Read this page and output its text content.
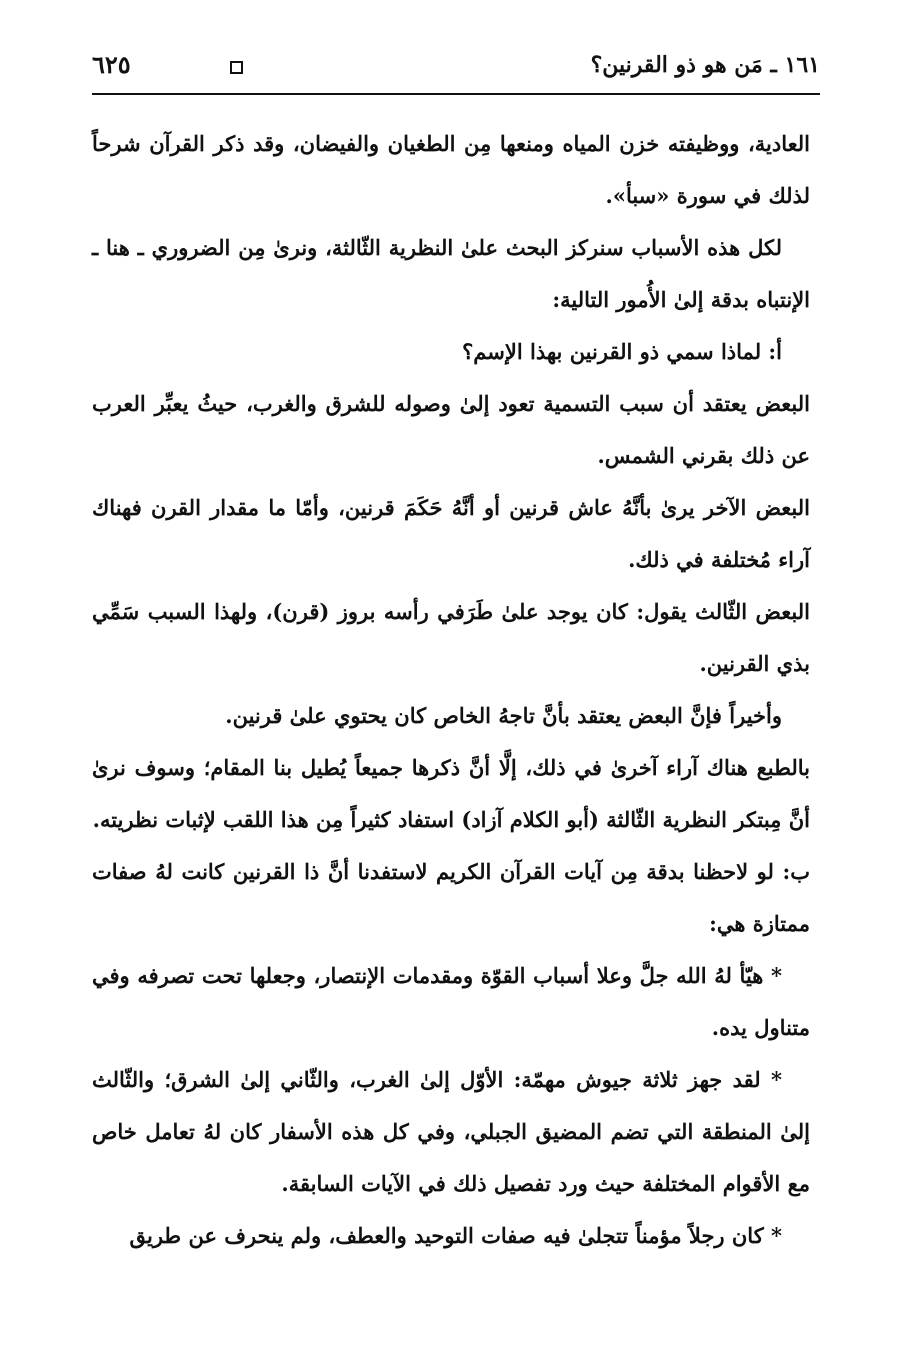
١٦١ ـ مَن هو ذو القرنين؟
٦٢٥

العادية، ووظيفته خزن المياه ومنعها مِن الطغيان والفيضان، وقد ذكر القرآن شرحاً لذلك في سورة «سبأ».

لكل هذه الأسباب سنركز البحث علىٰ النظرية الثّالثة، ونرىٰ مِن الضروري ـ هنا ـ الإنتباه بدقة إلىٰ الأُمور التالية:

أ: لماذا سمي ذو القرنين بهذا الإسم؟

البعض يعتقد أن سبب التسمية تعود إلىٰ وصوله للشرق والغرب، حيثُ يعبِّر العرب عن ذلك بقرني الشمس.

البعض الآخر يرىٰ بأنَّهُ عاش قرنين أو أنَّهُ حَكَمَ قرنين، وأمّا ما مقدار القرن فهناك آراء مُختلفة في ذلك.

البعض الثّالث يقول: كان يوجد علىٰ طَرَفي رأسه بروز (قرن)، ولهذا السبب سَمِّي بذي القرنين.

وأخيراً فإنَّ البعض يعتقد بأنَّ تاجهُ الخاص كان يحتوي علىٰ قرنين.

بالطبع هناك آراء آخرىٰ في ذلك، إلَّا أنَّ ذكرها جميعاً يُطيل بنا المقام؛ وسوف نرىٰ أنَّ مِبتكر النظرية الثّالثة (أبو الكلام آزاد) استفاد كثيراً مِن هذا اللقب لإثبات نظريته.

ب: لو لاحظنا بدقة مِن آيات القرآن الكريم لاستفدنا أنَّ ذا القرنين كانت لهُ صفات ممتازة هي:

* هيّأ لهُ الله جلَّ وعلا أسباب القوّة ومقدمات الإنتصار، وجعلها تحت تصرفه وفي متناول يده.

* لقد جهز ثلاثة جيوش مهمّة: الأوّل إلىٰ الغرب، والثّاني إلىٰ الشرق؛ والثّالث إلىٰ المنطقة التي تضم المضيق الجبلي، وفي كل هذه الأسفار كان لهُ تعامل خاص مع الأقوام المختلفة حيث ورد تفصيل ذلك في الآيات السابقة.

* كان رجلاً مؤمناً تتجلىٰ فيه صفات التوحيد والعطف، ولم ينحرف عن طريق
